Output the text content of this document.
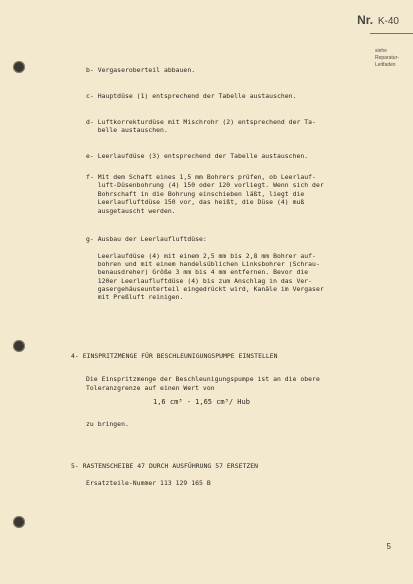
Nr. K-40
siehe
Reparatur-
Leitfaden
b- Vergaseroberteil abbauen.
c- Hauptdüse (1) entsprechend der Tabelle austauschen.
d- Luftkorrekturdüse mit Mischrohr (2) entsprechend der Ta-
belle austauschen.
e- Leerlaufdüse (3) entsprechend der Tabelle austauschen.
f- Mit dem Schaft eines 1,5 mm Bohrers prüfen, ob Leerlauf-
luft-Düsenbohrung (4) 150 oder 120 vorliegt. Wenn sich der
Bohrschaft in die Bohrung einschieben läßt, liegt die
Leerlaufluftdüse 150 vor, das heißt, die Düse (4) muß
ausgetauscht werden.
g- Ausbau der Leerlaufluftdüse:
Leerlaufdüse (4) mit einem 2,5 mm bis 2,8 mm Bohrer auf-
bohren und mit einem handelsüblichen Linksbohrer (Schrau-
benausdreher) Größe 3 mm bis 4 mm entfernen. Bevor die
120er Leerlaufluftdüse (4) bis zum Anschlag in das Ver-
gasergehäuseunterteil eingedrückt wird, Kanäle im Vergaser
mit Preßluft reinigen.
4- EINSPRITZMENGE FÜR BESCHLEUNIGUNGSPUMPE EINSTELLEN
Die Einspritzmenge der Beschleunigungspumpe ist an die obere
Toleranzgrenze auf einen Wert von
1,6 cm³ - 1,65 cm³/ Hub
zu bringen.
5- RASTENSCHEIBE 47 DURCH AUSFÜHRUNG 57 ERSETZEN
Ersatzteile-Nummer 113 129 165 B
5
